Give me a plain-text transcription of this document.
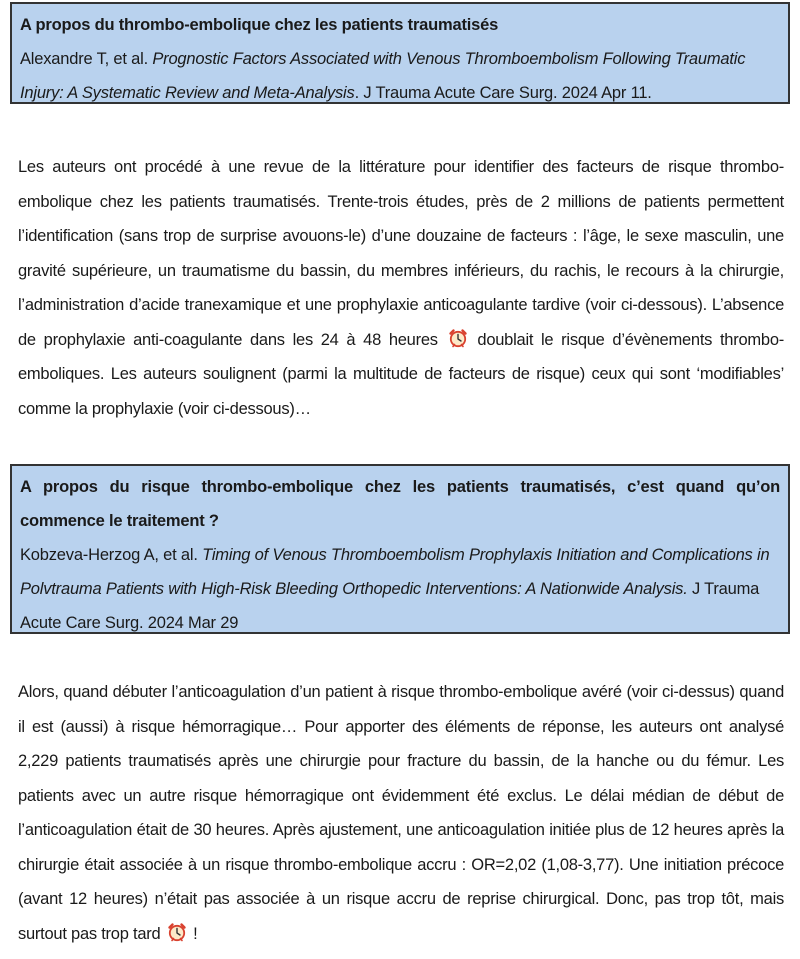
A propos du thrombo-embolique chez les patients traumatisés
Alexandre T, et al. Prognostic Factors Associated with Venous Thromboembolism Following Traumatic Injury: A Systematic Review and Meta-Analysis. J Trauma Acute Care Surg. 2024 Apr 11.
Les auteurs ont procédé à une revue de la littérature pour identifier des facteurs de risque thrombo-embolique chez les patients traumatisés. Trente-trois études, près de 2 millions de patients permettent l’identification (sans trop de surprise avouons-le) d’une douzaine de facteurs : l’âge, le sexe masculin, une gravité supérieure, un traumatisme du bassin, du membres inférieurs, du rachis, le recours à la chirurgie, l’administration d’acide tranexamique et une prophylaxie anticoagulante tardive (voir ci-dessous). L’absence de prophylaxie anti-coagulante dans les 24 à 48 heures  doublait le risque d’évènements thrombo-emboliques. Les auteurs soulignent (parmi la multitude de facteurs de risque) ceux qui sont ‘modifiables’ comme la prophylaxie (voir ci-dessous)…
A propos du risque thrombo-embolique chez les patients traumatisés, c’est quand qu’on commence le traitement ?
Kobzeva-Herzog A, et al. Timing of Venous Thromboembolism Prophylaxis Initiation and Complications in Polvtrauma Patients with High-Risk Bleeding Orthopedic Interventions: A Nationwide Analysis. J Trauma Acute Care Surg. 2024 Mar 29
Alors, quand débuter l’anticoagulation d’un patient à risque thrombo-embolique avéré (voir ci-dessus) quand il est (aussi) à risque hémorragique… Pour apporter des éléments de réponse, les auteurs ont analysé 2,229 patients traumatisés après une chirurgie pour fracture du bassin, de la hanche ou du fémur. Les patients avec un autre risque hémorragique ont évidemment été exclus. Le délai médian de début de l’anticoagulation était de 30 heures. Après ajustement, une anticoagulation initiée plus de 12 heures après la chirurgie était associée à un risque thrombo-embolique accru : OR=2,02 (1,08-3,77). Une initiation précoce (avant 12 heures) n’était pas associée à un risque accru de reprise chirurgical. Donc, pas trop tôt, mais surtout pas trop tard  !
